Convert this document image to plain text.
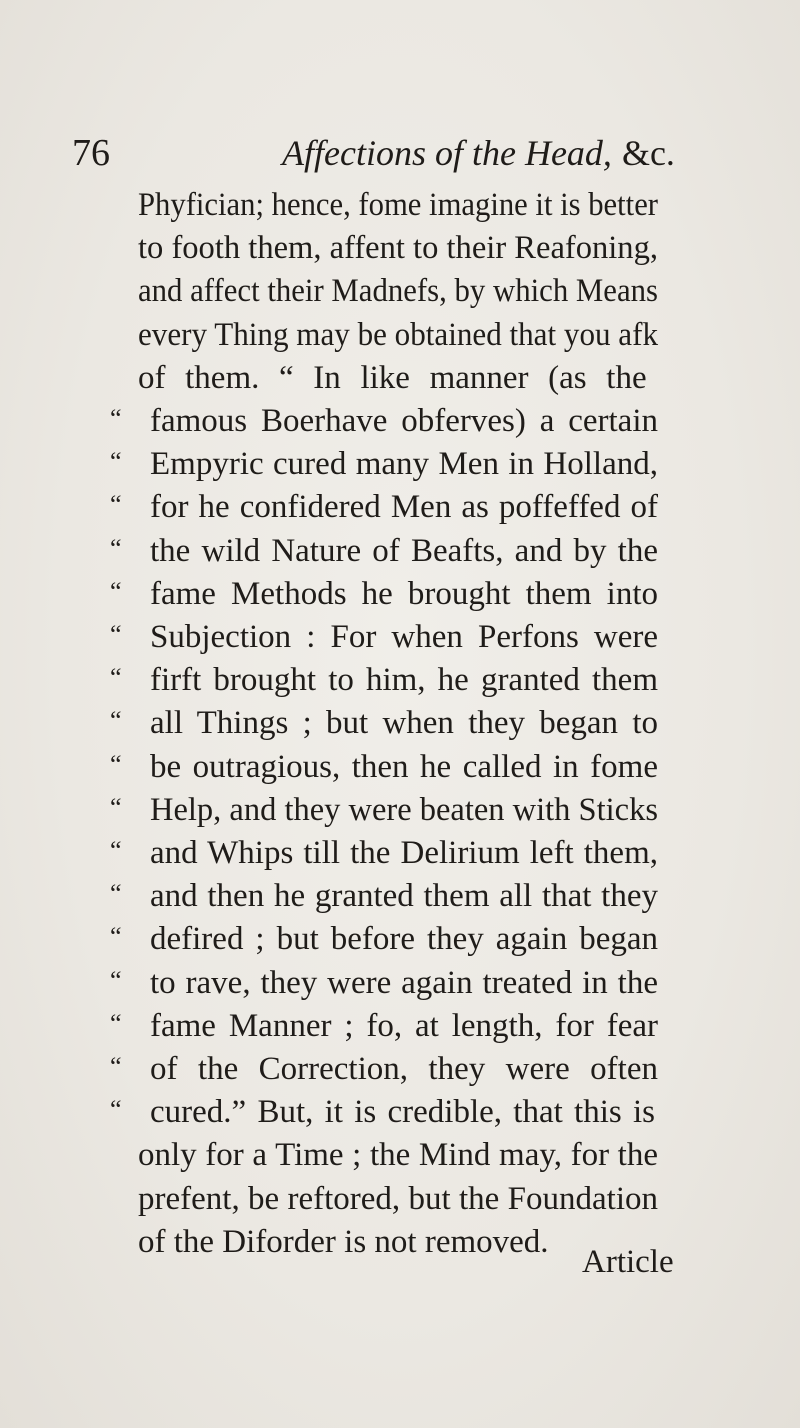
76	Affections of the Head, &c.
Phyfician; hence, fome imagine it is better
to footh them, affent to their Reafoning,
and affect their Madnefs, by which Means
every Thing may be obtained that you afk
of them. “ In like manner (as the
“ famous Boerhave obferves) a certain
“ Empyric cured many Men in Holland,
“ for he confidered Men as poffeffed of
“ the wild Nature of Beafts, and by the
“ fame Methods he brought them into
“ Subjection : For when Perfons were
“ firft brought to him, he granted them
“ all Things ; but when they began to
“ be outragious, then he called in fome
“ Help, and they were beaten with Sticks
“ and Whips till the Delirium left them,
“ and then he granted them all that they
“ defired ; but before they again began
“ to rave, they were again treated in the
“ fame Manner ; fo, at length, for fear
“ of the Correction, they were often
“ cured.” But, it is credible, that this is
only for a Time ; the Mind may, for the
prefent, be reftored, but the Foundation
of the Diforder is not removed.
Article
